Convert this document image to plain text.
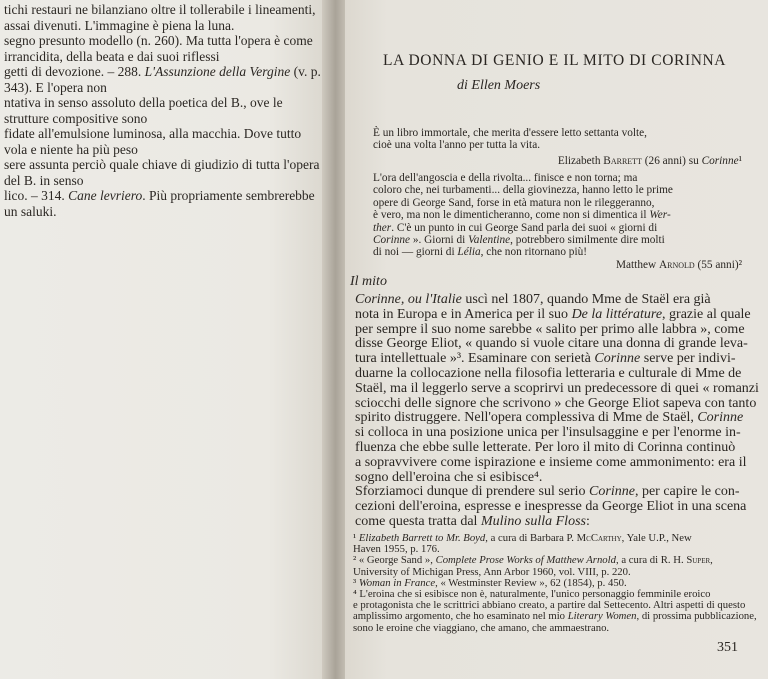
tichi restauri ne bilanziano oltre il tollerabile i lineamenti, assai divenuti. L'immagine è piena la luna.
segno presunto modello (n. 260). Ma tutta l'opera è come irrancidita, della beata e dai suoi riflessi
getti di devozione. – 288. L'Assunzione della Vergine (v. p. 343). E l'opera non
ntativa in senso assoluto della poetica del B., ove le strutture compositive sono
fidate all'emulsione luminosa, alla macchia. Dove tutto vola e niente ha più peso
sere assunta perciò quale chiave di giudizio di tutta l'opera del B. in senso
lico. – 314. Cane levriero. Più propriamente sembrerebbe un saluki.
LA DONNA DI GENIO E IL MITO DI CORINNA
di Ellen Moers
È un libro immortale, che merita d'essere letto settanta volte,
cioè una volta l'anno per tutta la vita.
Elizabeth Barrett (26 anni) su Corinne¹
L'ora dell'angoscia e della rivolta... finisce e non torna; ma
coloro che, nei turbamenti... della giovinezza, hanno letto le prime
opere di George Sand, forse in età matura non le rileggeranno,
è vero, ma non le dimenticheranno, come non si dimentica il Wer-
ther. C'è un punto in cui George Sand parla dei suoi « giorni di
Corinne ». Giorni di Valentine, potrebbero similmente dire molti
di noi — giorni di Lélia, che non ritornano più!
Matthew Arnold (55 anni)²
Il mito
Corinne, ou l'Italie uscì nel 1807, quando Mme de Staël era già
nota in Europa e in America per il suo De la littérature, grazie al quale
per sempre il suo nome sarebbe « salito per primo alle labbra », come
disse George Eliot, « quando si vuole citare una donna di grande leva-
tura intellettuale »³. Esaminare con serietà Corinne serve per indivi-
duarne la collocazione nella filosofia letteraria e culturale di Mme de
Staël, ma il leggerlo serve a scoprirvi un predecessore di quei « romanzi
sciocchi delle signore che scrivono » che George Eliot sapeva con tanto
spirito distruggere. Nell'opera complessiva di Mme de Staël, Corinne
si colloca in una posizione unica per l'insulsaggine e per l'enorme in-
fluenza che ebbe sulle letterate. Per loro il mito di Corinna continuò
a sopravvivere come ispirazione e insieme come ammonimento: era il
sogno dell'eroina che si esibisce⁴.
Sforziamoci dunque di prendere sul serio Corinne, per capire le con-
cezioni dell'eroina, espresse e inespresse da George Eliot in una scena
come questa tratta dal Mulino sulla Floss:
¹ Elizabeth Barrett to Mr. Boyd, a cura di Barbara P. McCarthy, Yale U.P., New
Haven 1955, p. 176.
² « George Sand », Complete Prose Works of Matthew Arnold, a cura di R. H. Super,
University of Michigan Press, Ann Arbor 1960, vol. VIII, p. 220.
³ Woman in France, « Westminster Review », 62 (1854), p. 450.
⁴ L'eroina che si esibisce non è, naturalmente, l'unico personaggio femminile eroico
e protagonista che le scrittrici abbiano creato, a partire dal Settecento. Altri aspetti di questo
amplissimo argomento, che ho esaminato nel mio Literary Women, di prossima pubblicazione,
sono le eroine che viaggiano, che amano, che ammaestrano.
351
